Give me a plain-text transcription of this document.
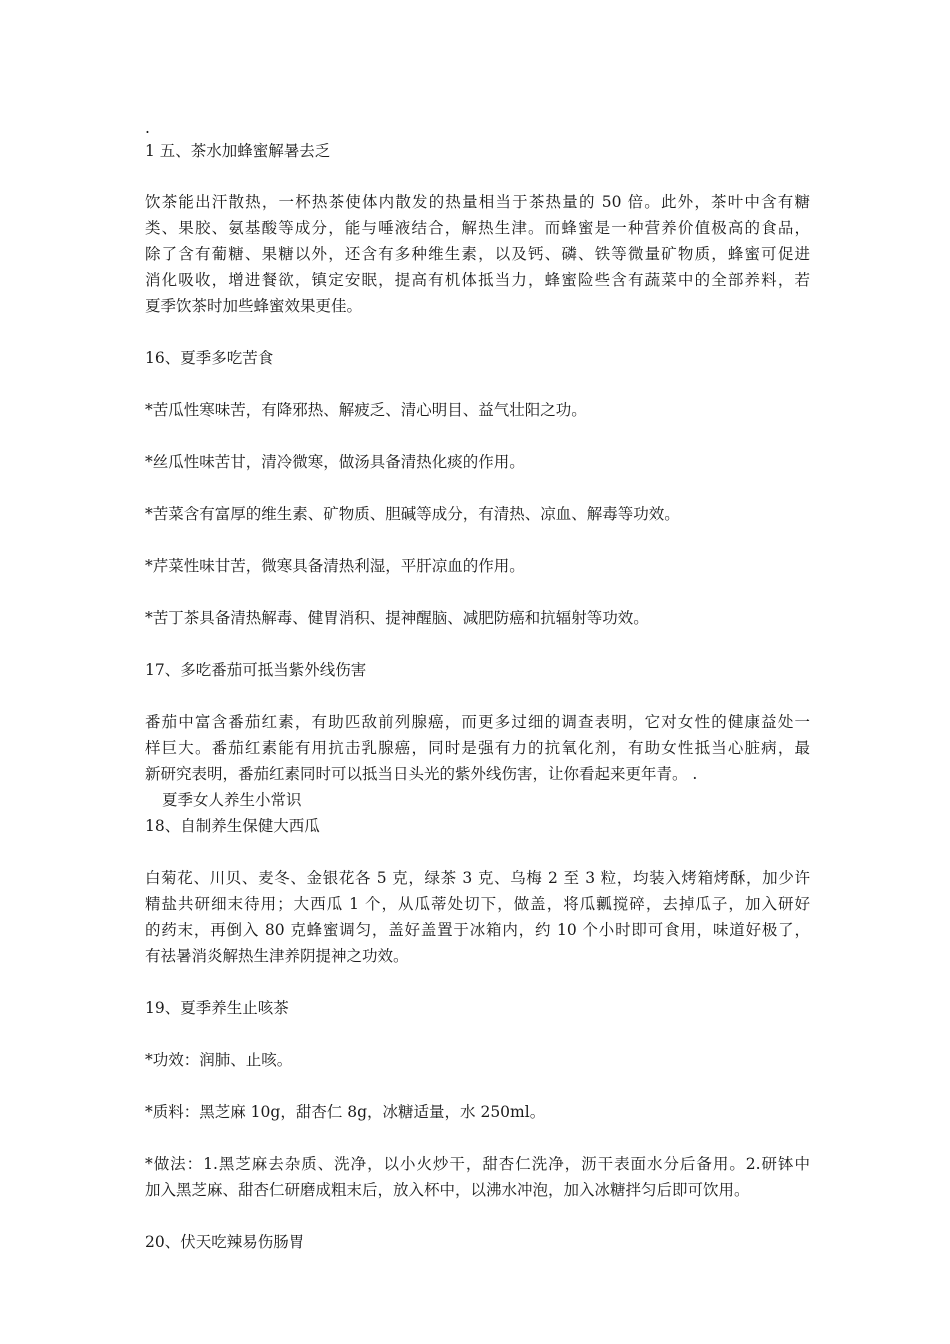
.
1 五、茶水加蜂蜜解暑去乏
饮茶能出汗散热，一杯热茶使体内散发的热量相当于茶热量的 50 倍。此外，茶叶中含有糖
类、果胶、氨基酸等成分，能与唾液结合，解热生津。而蜂蜜是一种营养价值极高的食品，
除了含有葡糖、果糖以外，还含有多种维生素，以及钙、磷、铁等微量矿物质，蜂蜜可促进
消化吸收，增进餐欲，镇定安眠，提高有机体抵当力，蜂蜜险些含有蔬菜中的全部养料，若
夏季饮茶时加些蜂蜜效果更佳。
16、夏季多吃苦食
*苦瓜性寒味苦，有降邪热、解疲乏、清心明目、益气壮阳之功。
*丝瓜性味苦甘，清冷微寒，做汤具备清热化痰的作用。
*苦菜含有富厚的维生素、矿物质、胆碱等成分，有清热、凉血、解毒等功效。
*芹菜性味甘苦，微寒具备清热利湿，平肝凉血的作用。
*苦丁茶具备清热解毒、健胃消积、提神醒脑、减肥防癌和抗辐射等功效。
17、多吃番茄可抵当紫外线伤害
番茄中富含番茄红素，有助匹敌前列腺癌，而更多过细的调查表明，它对女性的健康益处一
样巨大。番茄红素能有用抗击乳腺癌，同时是强有力的抗氧化剂，有助女性抵当心脏病，最
新研究表明，番茄红素同时可以抵当日头光的紫外线伤害，让你看起来更年青。 .
夏季女人养生小常识
18、自制养生保健大西瓜
白菊花、川贝、麦冬、金银花各 5 克，绿茶 3 克、乌梅 2 至 3 粒，均装入烤箱烤酥，加少许
精盐共研细末待用；大西瓜 1 个，从瓜蒂处切下，做盖，将瓜瓤搅碎，去掉瓜子，加入研好
的药末，再倒入 80 克蜂蜜调匀，盖好盖置于冰箱内，约 10 个小时即可食用，味道好极了，
有祛暑消炎解热生津养阴提神之功效。
19、夏季养生止咳茶
*功效：润肺、止咳。
*质料：黑芝麻 10g，甜杏仁 8g，冰糖适量，水 250ml。
*做法：1.黑芝麻去杂质、洗净，以小火炒干，甜杏仁洗净，沥干表面水分后备用。2.研钵中
加入黑芝麻、甜杏仁研磨成粗末后，放入杯中，以沸水冲泡，加入冰糖拌匀后即可饮用。
20、伏天吃辣易伤肠胃
